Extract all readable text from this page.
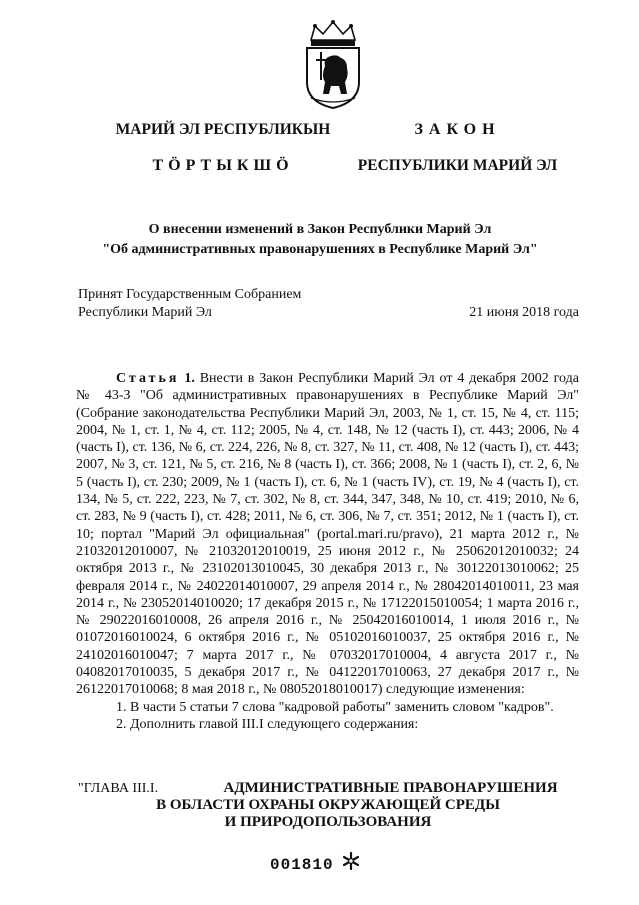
МАРИЙ ЭЛ РЕСПУБЛИКЫН
ТӦРТЫКШӦ
ЗАКОН
РЕСПУБЛИКИ МАРИЙ ЭЛ
О внесении изменений в Закон Республики Марий Эл
"Об административных правонарушениях в Республике Марий Эл"
Принят Государственным Собранием
Республики Марий Эл	21 июня 2018 года

Статья 1. Внести в Закон Республики Марий Эл от 4 декабря 2002 года № 43-З "Об административных правонарушениях в Республике Марий Эл" (Собрание законодательства Республики Марий Эл, 2003, № 1, ст. 15, № 4, ст. 115; 2004, № 1, ст. 1, № 4, ст. 112; 2005, № 4, ст. 148, № 12 (часть I), ст. 443; 2006, № 4 (часть I), ст. 136, № 6, ст. 224, 226, № 8, ст. 327, № 11, ст. 408, № 12 (часть I), ст. 443; 2007, № 3, ст. 121, № 5, ст. 216, № 8 (часть I), ст. 366; 2008, № 1 (часть I), ст. 2, 6, № 5 (часть I), ст. 230; 2009, № 1 (часть I), ст. 6, № 1 (часть IV), ст. 19, № 4 (часть I), ст. 134, № 5, ст. 222, 223, № 7, ст. 302, № 8, ст. 344, 347, 348, № 10, ст. 419; 2010, № 6, ст. 283, № 9 (часть I), ст. 428; 2011, № 6, ст. 306, № 7, ст. 351; 2012, № 1 (часть I), ст. 10; портал "Марий Эл официальная" (portal.mari.ru/pravo), 21 марта 2012 г., № 21032012010007, № 21032012010019, 25 июня 2012 г., № 25062012010032; 24 октября 2013 г., № 23102013010045, 30 декабря 2013 г., № 30122013010062; 25 февраля 2014 г., № 24022014010007, 29 апреля 2014 г., № 28042014010011, 23 мая 2014 г., № 23052014010020; 17 декабря 2015 г., № 17122015010054; 1 марта 2016 г., № 29022016010008, 26 апреля 2016 г., № 25042016010014, 1 июля 2016 г., № 01072016010024, 6 октября 2016 г., № 05102016010037, 25 октября 2016 г., № 24102016010047; 7 марта 2017 г., № 07032017010004, 4 августа 2017 г., № 04082017010035, 5 декабря 2017 г., № 04122017010063, 27 декабря 2017 г., № 26122017010068; 8 мая 2018 г., № 08052018010017) следующие изменения:

1. В части 5 статьи 7 слова "кадровой работы" заменить словом "кадров".

2. Дополнить главой III.I следующего содержания:

"ГЛАВА III.I.	АДМИНИСТРАТИВНЫЕ ПРАВОНАРУШЕНИЯ
В ОБЛАСТИ ОХРАНЫ ОКРУЖАЮЩЕЙ СРЕДЫ
И ПРИРОДОПОЛЬЗОВАНИЯ
001810
